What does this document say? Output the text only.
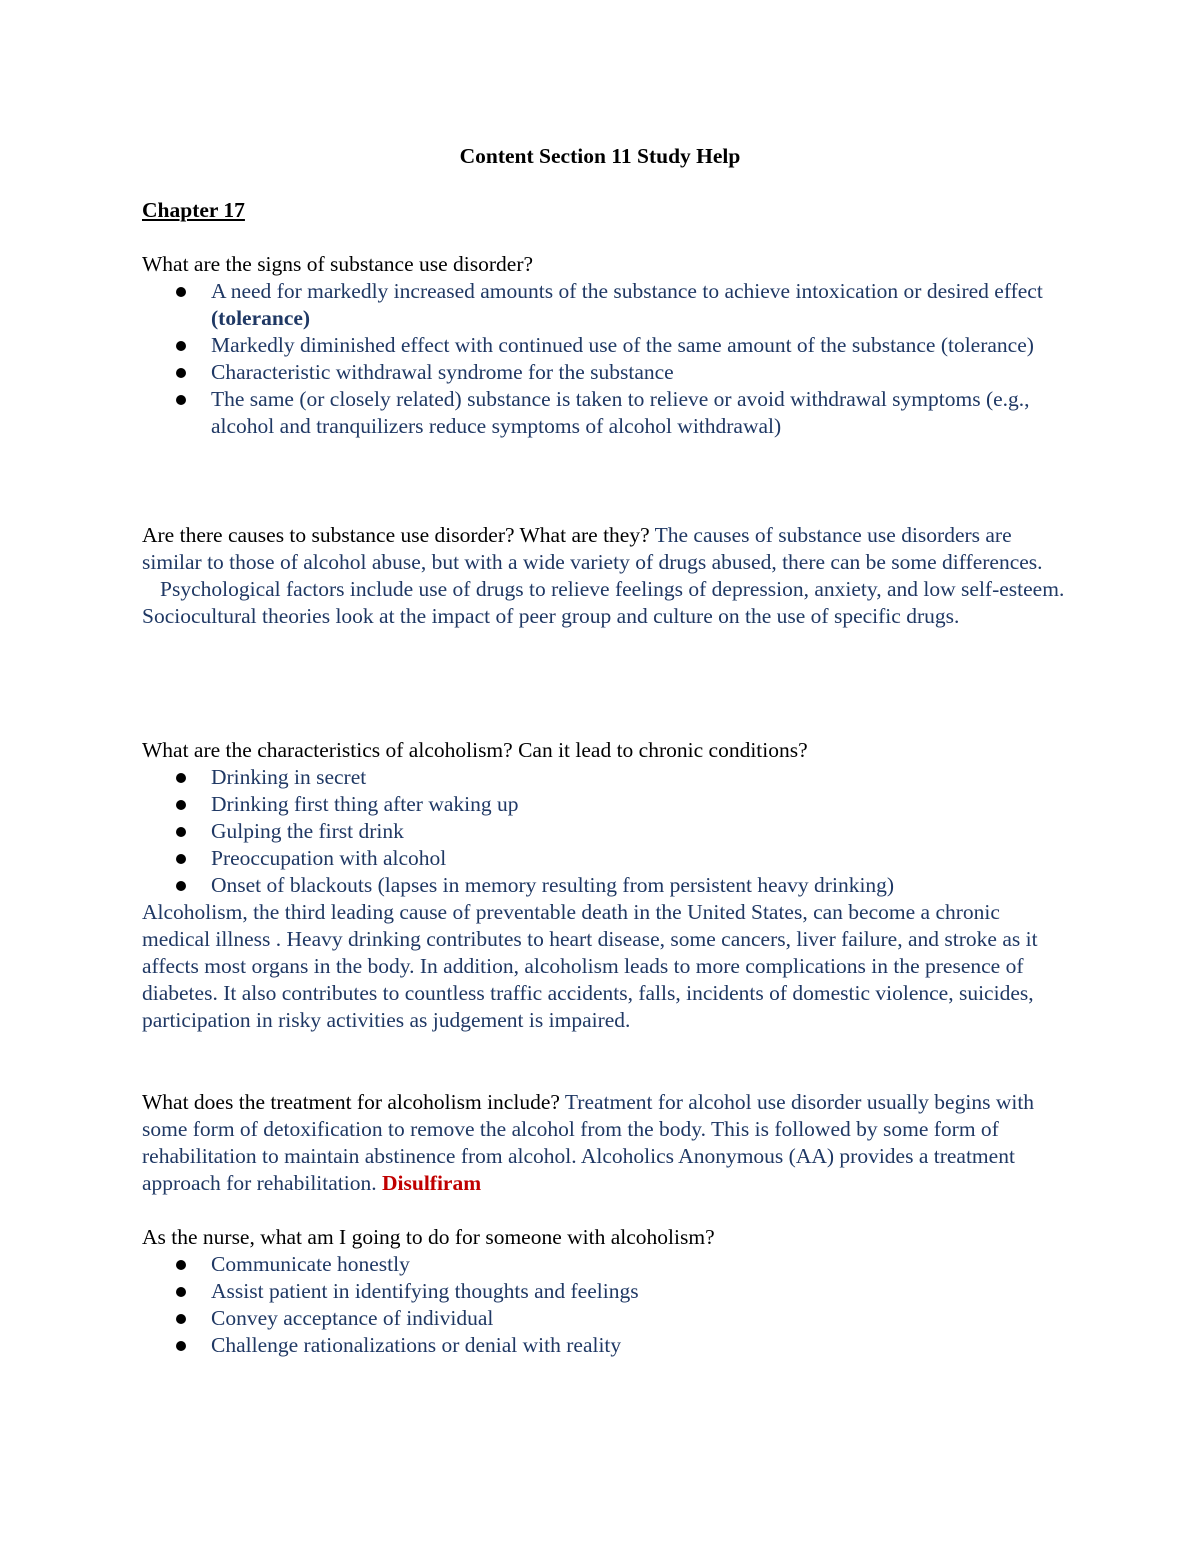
Content Section 11 Study Help
Chapter 17

What are the signs of substance use disorder?

A need for markedly increased amounts of the substance to achieve intoxication or desired effect (tolerance)
Markedly diminished effect with continued use of the same amount of the substance (tolerance)
Characteristic withdrawal syndrome for the substance
The same (or closely related) substance is taken to relieve or avoid withdrawal symptoms (e.g., alcohol and tranquilizers reduce symptoms of alcohol withdrawal)

Are there causes to substance use disorder? What are they? The causes of substance use disorders are similar to those of alcohol abuse, but with a wide variety of drugs abused, there can be some differences.

Psychological factors include use of drugs to relieve feelings of depression, anxiety, and low self-esteem. Sociocultural theories look at the impact of peer group and culture on the use of specific drugs.

What are the characteristics of alcoholism? Can it lead to chronic conditions?

Drinking in secret
Drinking first thing after waking up
Gulping the first drink
Preoccupation with alcohol
Onset of blackouts (lapses in memory resulting from persistent heavy drinking)

Alcoholism, the third leading cause of preventable death in the United States, can become a chronic medical illness . Heavy drinking contributes to heart disease, some cancers, liver failure, and stroke as it affects most organs in the body. In addition, alcoholism leads to more complications in the presence of diabetes. It also contributes to countless traffic accidents, falls, incidents of domestic violence, suicides, participation in risky activities as judgement is impaired.

What does the treatment for alcoholism include? Treatment for alcohol use disorder usually begins with some form of detoxification to remove the alcohol from the body. This is followed by some form of rehabilitation to maintain abstinence from alcohol. Alcoholics Anonymous (AA) provides a treatment approach for rehabilitation. Disulfiram

As the nurse, what am I going to do for someone with alcoholism?

Communicate honestly
Assist patient in identifying thoughts and feelings
Convey acceptance of individual
Challenge rationalizations or denial with reality
